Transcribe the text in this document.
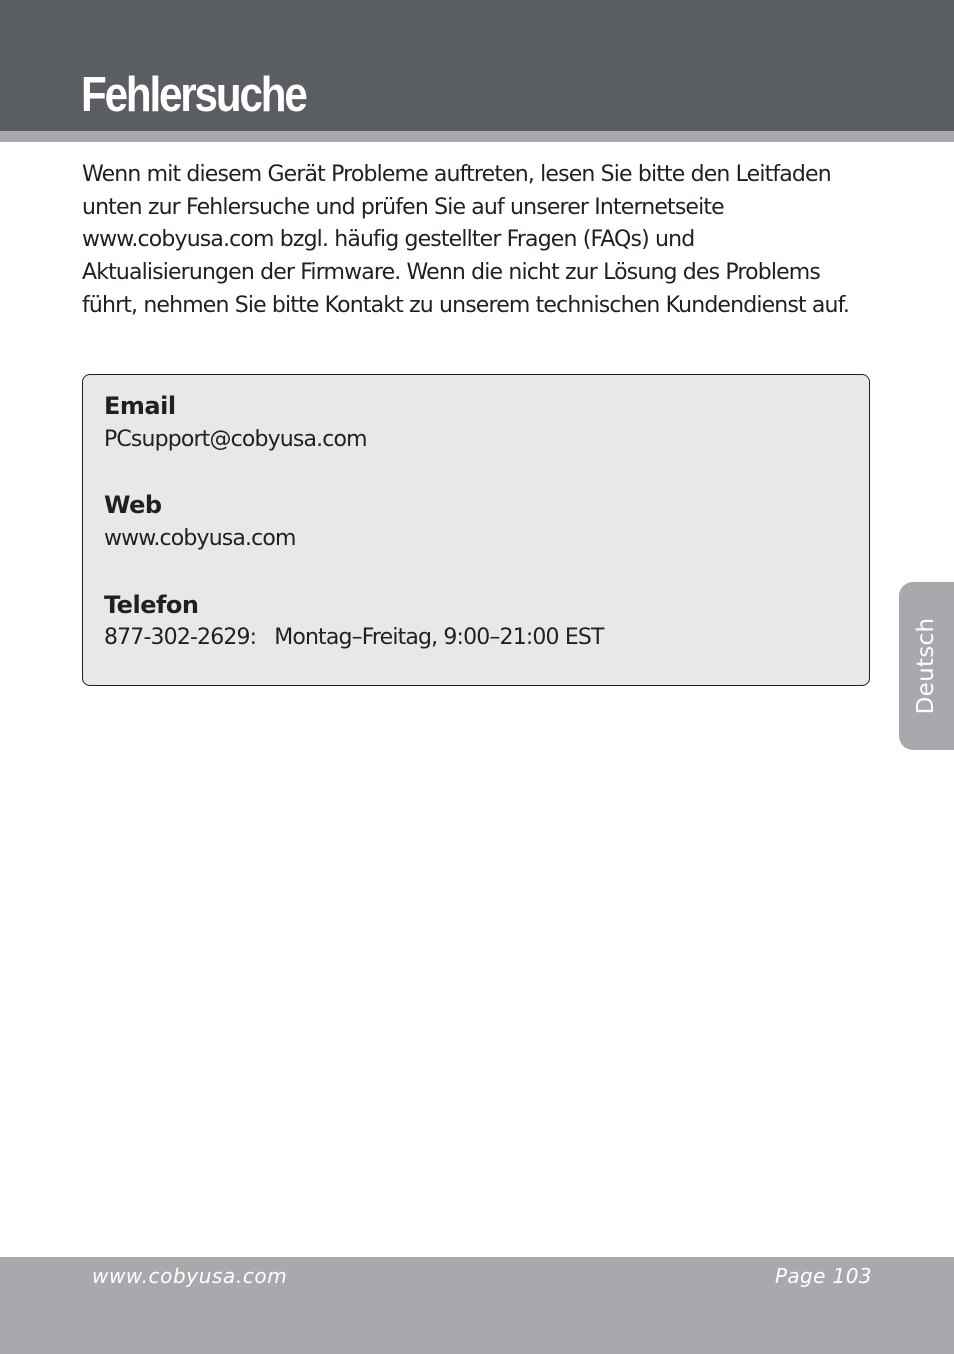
Fehlersuche

Wenn mit diesem Gerät Probleme auftreten, lesen Sie bitte den Leitfaden unten zur Fehlersuche und prüfen Sie auf unserer Internetseite www.cobyusa.com bzgl. häufig gestellter Fragen (FAQs) und Aktualisierungen der Firmware. Wenn die nicht zur Lösung des Problems führt, nehmen Sie bitte Kontakt zu unserem technischen Kundendienst auf.

Email
PCsupport@cobyusa.com
Web
www.cobyusa.com
Telefon
877-302-2629: Montag–Freitag, 9:00–21:00 EST	Deutsch
www.cobyusa.com	Page 103
